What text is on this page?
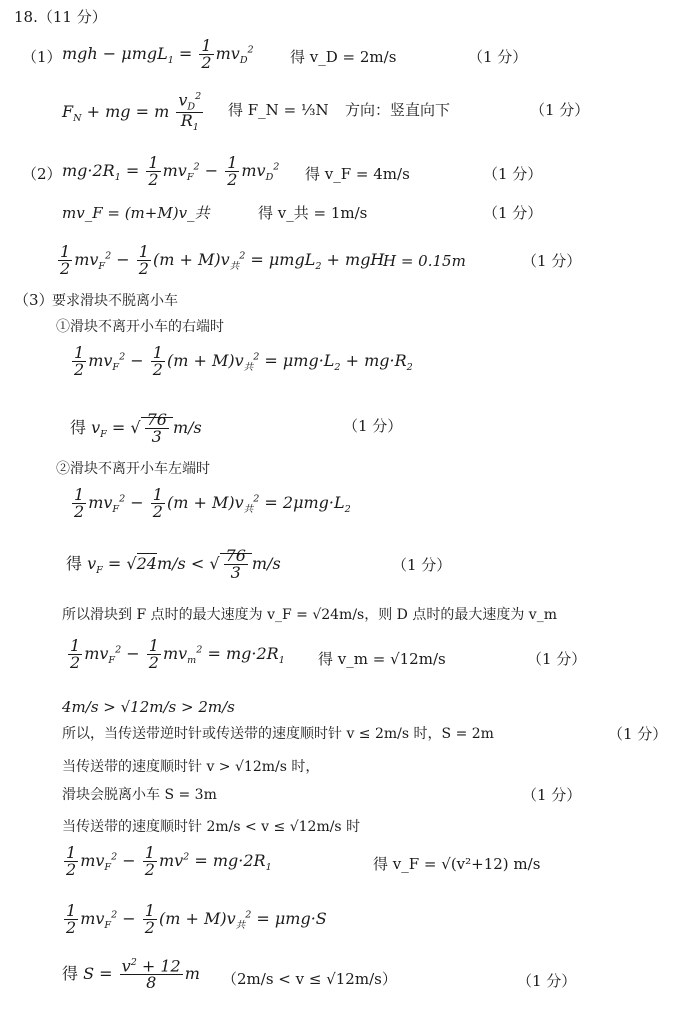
18.（11 分）
（1） mgh − $\mu mgL_1 = \frac{1}{2} mv_D^2$ 得 v_D = 2m/s	（1 分）
$F_N$ + mg = m $\frac{v_D^2}{R_1}$ 得 F_N = ⅓N 方向：竖直向下	（1 分）
（2） $mg\cdot 2R_1 = \frac{1}{2} mv_F^2 - \frac{1}{2} mv_D^2$ 得 v_F = 4m/s	（1 分）
mv_F = (m+M)v_共	得 v_共 = 1m/s	（1 分）
$\frac{1}{2} mv_F^2 - \frac{1}{2} (m + M)v_共^2 = \mu mgL_2$ + mgH
H = 0.15m	（1 分）
（3）
要求滑块不脱离小车
①滑块不离开小车的右端时
$\frac{1}{2} mv_F^2 - \frac{1}{2} (m + M)v_共^2 = \mu mg\cdot L_2 + mg\cdot R_2$
得 $v_F$ = √ $\frac{76}{3} m/s$	（1 分）
②滑块不离开小车左端时
$\frac{1}{2} mv_F^2 - \frac{1}{2} (m + M)v_共^2 = 2\mu mg\cdot L_2$
得 $v_F = √24m/s$ < √ $\frac{76}{3} m/s$	（1 分）
所以滑块到 F 点时的最大速度为 v_F = √24m/s，则 D 点时的最大速度为 v_m
$\frac{1}{2} mv_F^2 - \frac{1}{2} mv_m^2 = mg\cdot 2R_1$ 得 v_m = √12m/s	（1 分）
4m/s > √12m/s > 2m/s
所以，当传送带逆时针或传送带的速度顺时针 v ≤ 2m/s 时，S = 2m	（1 分）
当传送带的速度顺时针 v > √12m/s 时，
滑块会脱离小车 S = 3m	（1 分）
当传送带的速度顺时针 2m/s < v ≤ √12m/s 时
$\frac{1}{2} mv_F^2 - \frac{1}{2} mv^2 = mg\cdot 2R_1$	得 v_F = √(v²+12) m/s
$\frac{1}{2} mv_F^2 - \frac{1}{2} (m + M)v_共^2 = \mu mg\cdot S$
得 $S = \frac{v^2 + 12}{8}$ m （2m/s < v ≤ √12m/s）	（1 分）
